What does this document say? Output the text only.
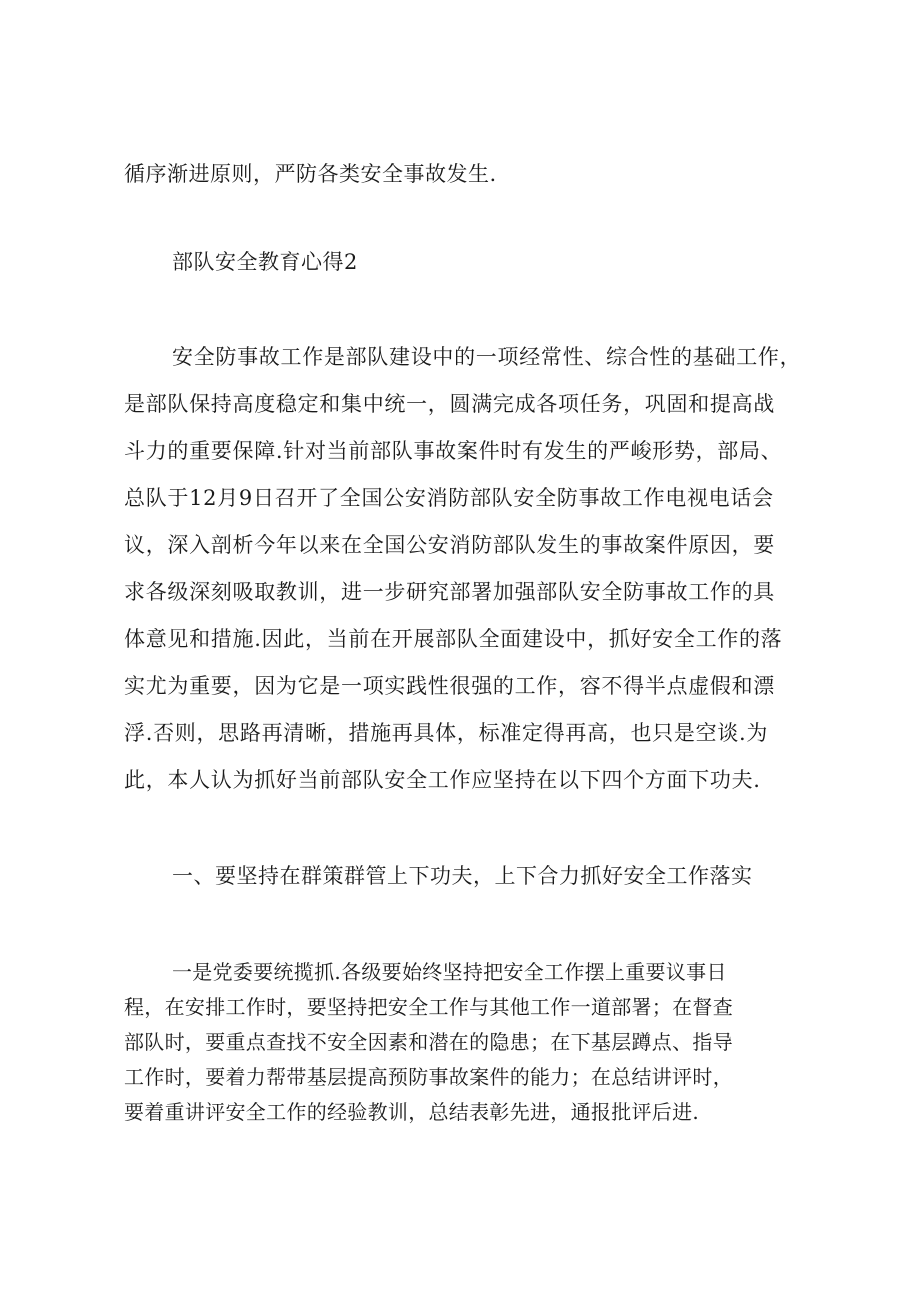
循序渐进原则，严防各类安全事故发生.
部队安全教育心得2
安全防事故工作是部队建设中的一项经常性、综合性的基础工作，
是部队保持高度稳定和集中统一，圆满完成各项任务，巩固和提高战
斗力的重要保障.针对当前部队事故案件时有发生的严峻形势，部局、
总队于12月9日召开了全国公安消防部队安全防事故工作电视电话会
议，深入剖析今年以来在全国公安消防部队发生的事故案件原因，要
求各级深刻吸取教训，进一步研究部署加强部队安全防事故工作的具
体意见和措施.因此，当前在开展部队全面建设中，抓好安全工作的落
实尤为重要，因为它是一项实践性很强的工作，容不得半点虚假和漂
浮.否则，思路再清晰，措施再具体，标准定得再高，也只是空谈.为
此，本人认为抓好当前部队安全工作应坚持在以下四个方面下功夫.
一、要坚持在群策群管上下功夫，上下合力抓好安全工作落实
一是党委要统揽抓.各级要始终坚持把安全工作摆上重要议事日
程，在安排工作时，要坚持把安全工作与其他工作一道部署；在督查
部队时，要重点查找不安全因素和潜在的隐患；在下基层蹲点、指导
工作时，要着力帮带基层提高预防事故案件的能力；在总结讲评时，
要着重讲评安全工作的经验教训，总结表彰先进，通报批评后进.
